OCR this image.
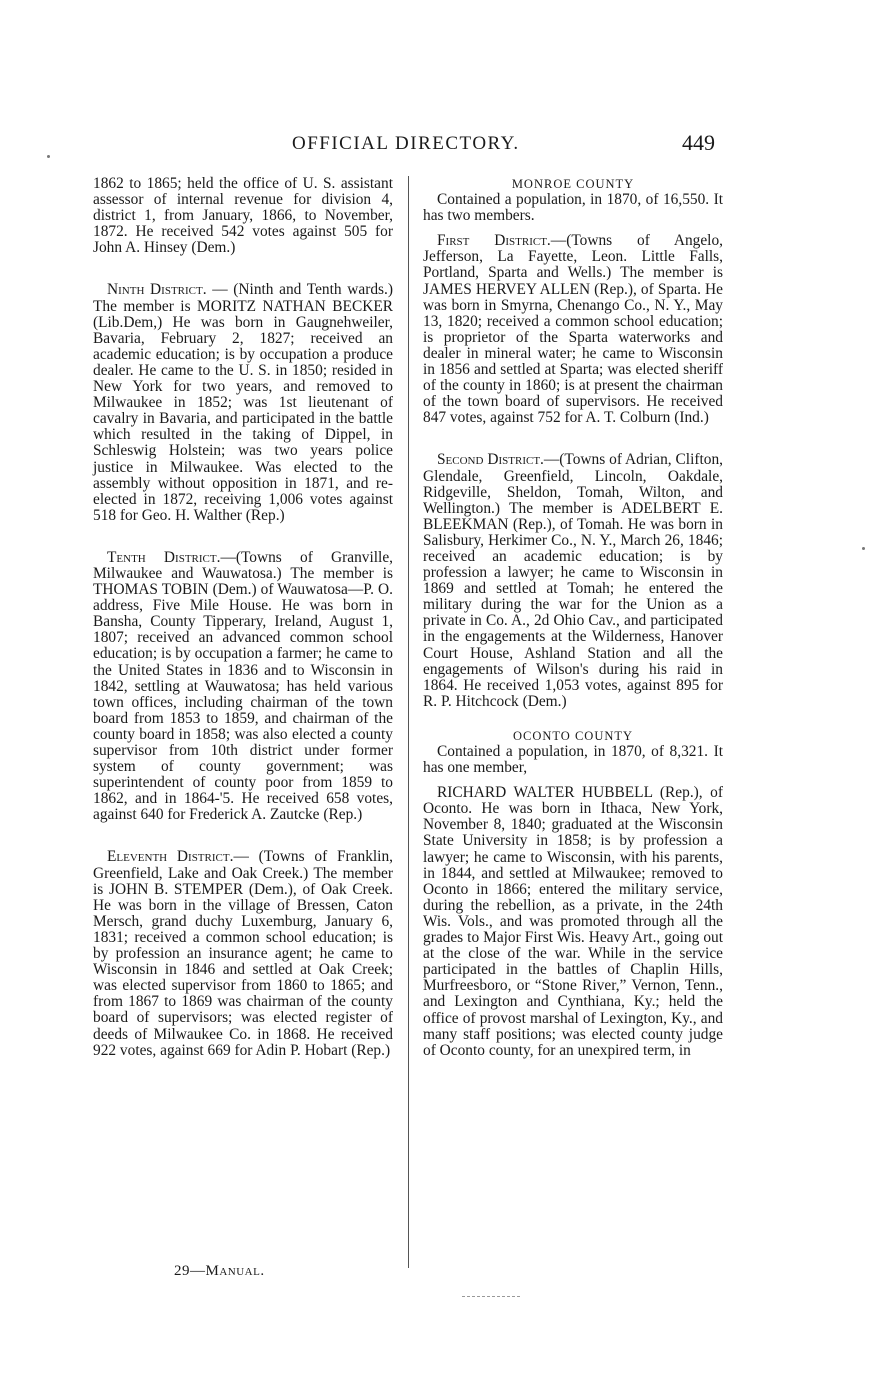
OFFICIAL DIRECTORY.	449

1862 to 1865; held the office of U. S. assistant assessor of internal revenue for division 4, district 1, from January, 1866, to November, 1872. He received 542 votes against 505 for John A. Hinsey (Dem.)

Ninth District. — (Ninth and Tenth wards.) The member is MORITZ NATHAN BECKER (Lib.Dem,) He was born in Gaugnehweiler, Bavaria, February 2, 1827; received an academic education; is by occupation a produce dealer. He came to the U. S. in 1850; resided in New York for two years, and removed to Milwaukee in 1852; was 1st lieutenant of cavalry in Bavaria, and participated in the battle which resulted in the taking of Dippel, in Schleswig Holstein; was two years police justice in Milwaukee. Was elected to the assembly without opposition in 1871, and re-elected in 1872, receiving 1,006 votes against 518 for Geo. H. Walther (Rep.)

Tenth District.—(Towns of Granville, Milwaukee and Wauwatosa.) The member is THOMAS TOBIN (Dem.) of Wauwatosa—P. O. address, Five Mile House. He was born in Bansha, County Tipperary, Ireland, August 1, 1807; received an advanced common school education; is by occupation a farmer; he came to the United States in 1836 and to Wisconsin in 1842, settling at Wauwatosa; has held various town offices, including chairman of the town board from 1853 to 1859, and chairman of the county board in 1858; was also elected a county supervisor from 10th district under former system of county government; was superintendent of county poor from 1859 to 1862, and in 1864-'5. He received 658 votes, against 640 for Frederick A. Zautcke (Rep.)

Eleventh District.— (Towns of Franklin, Greenfield, Lake and Oak Creek.) The member is JOHN B. STEMPER (Dem.), of Oak Creek. He was born in the village of Bressen, Caton Mersch, grand duchy Luxemburg, January 6, 1831; received a common school education; is by profession an insurance agent; he came to Wisconsin in 1846 and settled at Oak Creek; was elected supervisor from 1860 to 1865; and from 1867 to 1869 was chairman of the county board of supervisors; was elected register of deeds of Milwaukee Co. in 1868. He received 922 votes, against 669 for Adin P. Hobart (Rep.)

MONROE COUNTY

Contained a population, in 1870, of 16,550. It has two members.

First District.—(Towns of Angelo, Jefferson, La Fayette, Leon. Little Falls, Portland, Sparta and Wells.) The member is JAMES HERVEY ALLEN (Rep.), of Sparta. He was born in Smyrna, Chenango Co., N. Y., May 13, 1820; received a common school education; is proprietor of the Sparta waterworks and dealer in mineral water; he came to Wisconsin in 1856 and settled at Sparta; was elected sheriff of the county in 1860; is at present the chairman of the town board of supervisors. He received 847 votes, against 752 for A. T. Colburn (Ind.)

Second District.—(Towns of Adrian, Clifton, Glendale, Greenfield, Lincoln, Oakdale, Ridgeville, Sheldon, Tomah, Wilton, and Wellington.) The member is ADELBERT E. BLEEKMAN (Rep.), of Tomah. He was born in Salisbury, Herkimer Co., N. Y., March 26, 1846; received an academic education; is by profession a lawyer; he came to Wisconsin in 1869 and settled at Tomah; he entered the military during the war for the Union as a private in Co. A., 2d Ohio Cav., and participated in the engagements at the Wilderness, Hanover Court House, Ashland Station and all the engagements of Wilson's during his raid in 1864. He received 1,053 votes, against 895 for R. P. Hitchcock (Dem.)

OCONTO COUNTY

Contained a population, in 1870, of 8,321. It has one member,

RICHARD WALTER HUBBELL (Rep.), of Oconto. He was born in Ithaca, New York, November 8, 1840; graduated at the Wisconsin State University in 1858; is by profession a lawyer; he came to Wisconsin, with his parents, in 1844, and settled at Milwaukee; removed to Oconto in 1866; entered the military service, during the rebellion, as a private, in the 24th Wis. Vols., and was promoted through all the grades to Major First Wis. Heavy Art., going out at the close of the war. While in the service participated in the battles of Chaplin Hills, Murfreesboro, or “Stone River,” Vernon, Tenn., and Lexington and Cynthiana, Ky.; held the office of provost marshal of Lexington, Ky., and many staff positions; was elected county judge of Oconto county, for an unexpired term, in

29—Manual.
